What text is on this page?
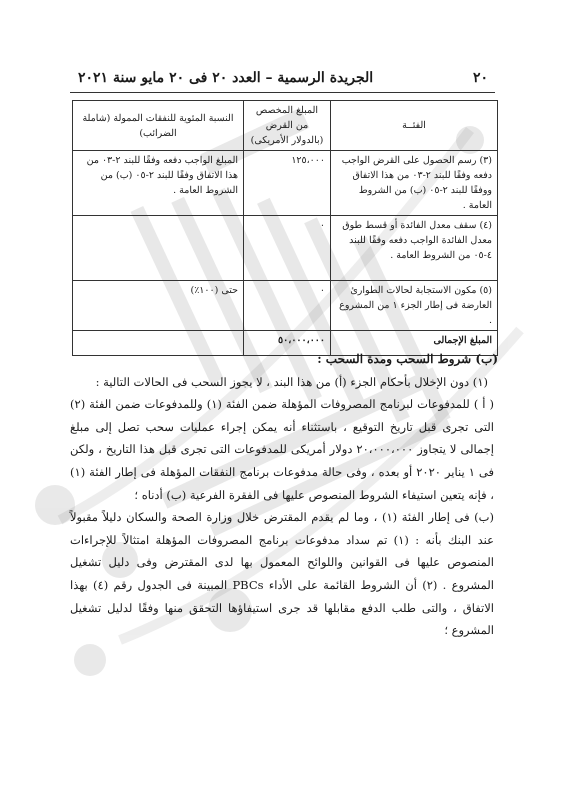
٢٠
الجريدة الرسمية – العدد ٢٠ فى ٢٠ مايو سنة ٢٠٢١
الفئــة	المبلغ المخصص من القرض (بالدولار الأمريكى)	النسبة المئوية للنفقات الممولة (شاملة الضرائب)
(٣) رسم الحصول على القرض الواجب دفعه وفقًا للبند ٢-٠٣ من هذا الاتفاق ووفقًا للبند ٢-٠٥ (ب) من الشروط العامة .	١٢٥،٠٠٠	المبلغ الواجب دفعه وفقًا للبند ٢-٠٣ من هذا الاتفاق وفقًا للبند ٢-٠٥ (ب) من الشروط العامة .
(٤) سقف معدل الفائدة أو قسط طوق معدل الفائدة الواجب دفعه وفقًا للبند ٤-٠٥ من الشروط العامة .	٠	
(٥) مكون الاستجابة لحالات الطوارئ العارضة فى إطار الجزء ١ من المشروع .	٠	حتى (١٠٠٪)
المبلغ الإجمالى	٥٠،٠٠٠،٠٠٠	

(ب) شروط السحب ومدة السحب :

(١) دون الإخلال بأحكام الجزء (أ) من هذا البند ، لا يجوز السحب فى الحالات التالية :

( أ ) للمدفوعات لبرنامج المصروفات المؤهلة ضمن الفئة (١) وللمدفوعات ضمن الفئة (٢) التى تجرى قبل تاريخ التوقيع ، باستثناء أنه يمكن إجراء عمليات سحب تصل إلى مبلغ إجمالى لا يتجاوز ٢٠،٠٠٠،٠٠٠ دولار أمريكى للمدفوعات التى تجرى قبل هذا التاريخ ، ولكن فى ١ يناير ٢٠٢٠ أو بعده ، وفى حالة مدفوعات برنامج النفقات المؤهلة فى إطار الفئة (١) ، فإنه يتعين استيفاء الشروط المنصوص عليها فى الفقرة الفرعية (ب) أدناه ؛

(ب) فى إطار الفئة (١) ، وما لم يقدم المقترض خلال وزارة الصحة والسكان دليلاً مقبولاً عند البنك بأنه : (١) تم سداد مدفوعات برنامج المصروفات المؤهلة امتثالاً للإجراءات المنصوص عليها فى القوانين واللوائح المعمول بها لدى المقترض وفى دليل تشغيل المشروع . (٢) أن الشروط القائمة على الأداء PBCs المبينة فى الجدول رقم (٤) بهذا الاتفاق ، والتى طلب الدفع مقابلها قد جرى استيفاؤها التحقق منها وفقًا لدليل تشغيل المشروع ؛
